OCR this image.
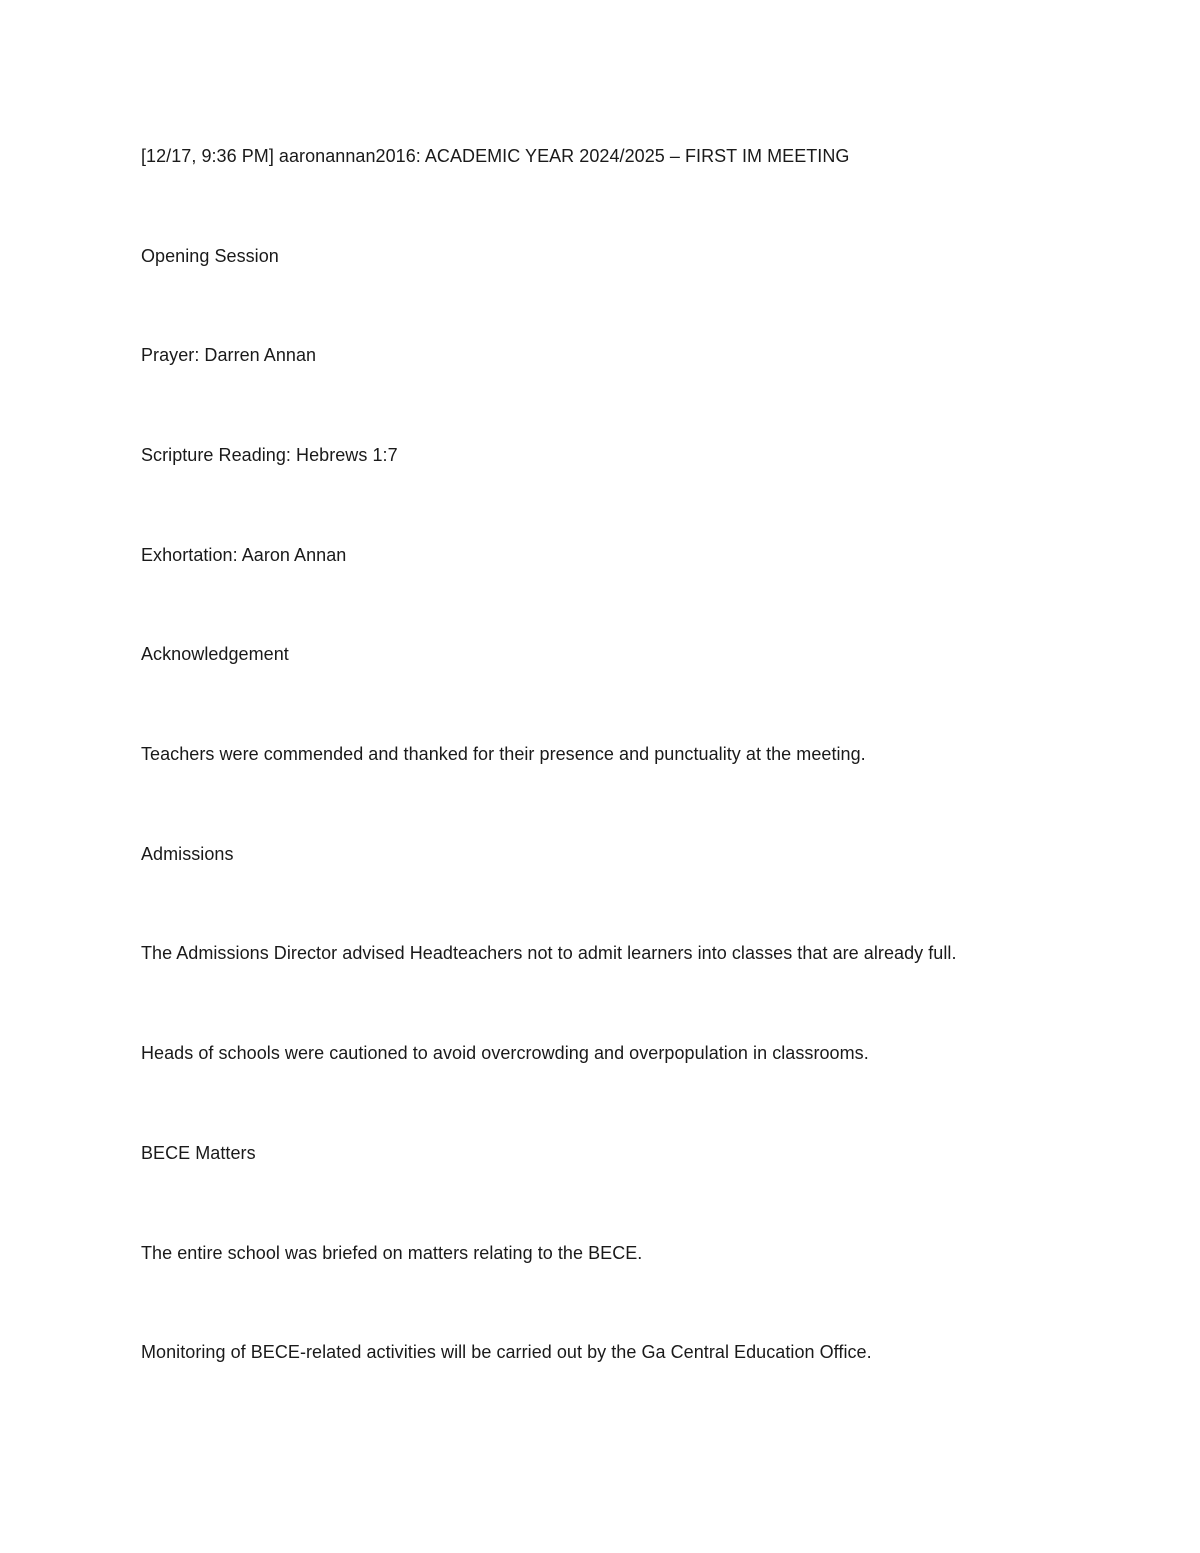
[12/17, 9:36 PM] aaronannan2016: ACADEMIC YEAR 2024/2025 – FIRST IM MEETING

Opening Session

Prayer: Darren Annan

Scripture Reading: Hebrews 1:7

Exhortation: Aaron Annan

Acknowledgement

Teachers were commended and thanked for their presence and punctuality at the meeting.

Admissions

The Admissions Director advised Headteachers not to admit learners into classes that are already full.

Heads of schools were cautioned to avoid overcrowding and overpopulation in classrooms.

BECE Matters

The entire school was briefed on matters relating to the BECE.

Monitoring of BECE-related activities will be carried out by the Ga Central Education Office.
